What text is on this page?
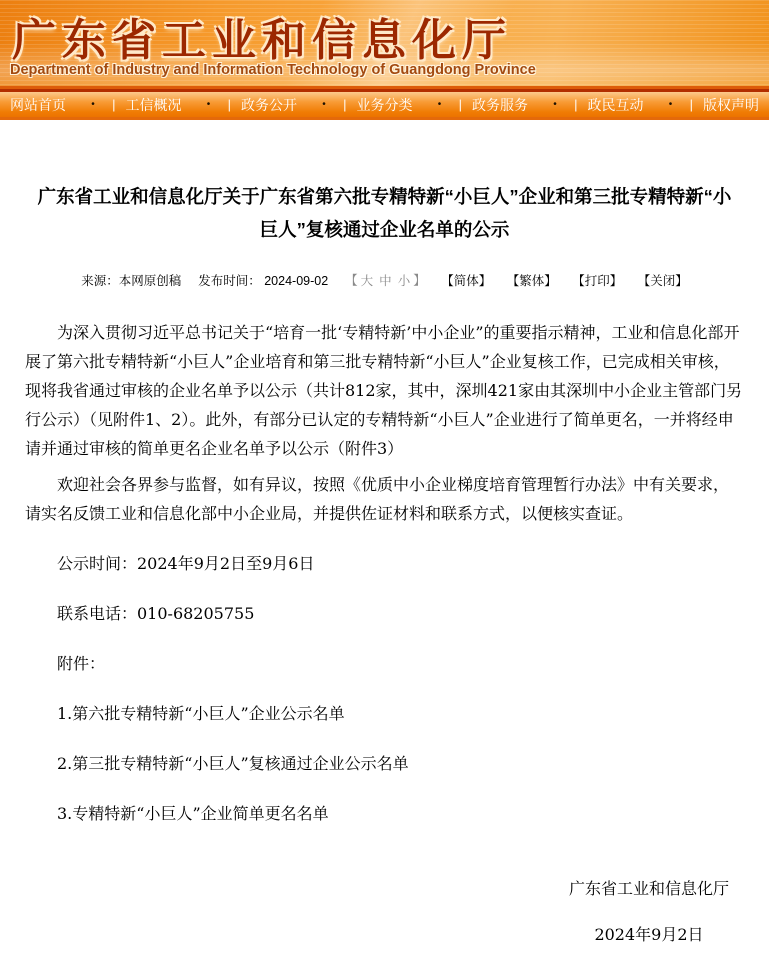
广东省工业和信息化厅
Department of Industry and Information Technology of Guangdong Province
网站首页	• | 工信概况	• | 政务公开	• | 业务分类	• | 政务服务	• | 政民互动	• | 版权声明
广东省工业和信息化厅关于广东省第六批专精特新“小巨人”企业和第三批专精特新“小巨人”复核通过企业名单的公示
来源：本网原创稿 发布时间： 2024-09-02 【 大 中 小 】 【简体】 【繁体】 【打印】 【关闭】

为深入贯彻习近平总书记关于“培育一批‘专精特新’中小企业”的重要指示精神，工业和信息化部开展了第六批专精特新“小巨人”企业培育和第三批专精特新“小巨人”企业复核工作，已完成相关审核，现将我省通过审核的企业名单予以公示（共计812家，其中，深圳421家由其深圳中小企业主管部门另行公示）（见附件1、2）。此外，有部分已认定的专精特新“小巨人”企业进行了简单更名，一并将经申请并通过审核的简单更名企业名单予以公示（附件3）

欢迎社会各界参与监督，如有异议，按照《优质中小企业梯度培育管理暂行办法》中有关要求，请实名反馈工业和信息化部中小企业局，并提供佐证材料和联系方式，以便核实查证。

公示时间：2024年9月2日至9月6日

联系电话：010-68205755

附件：

1.第六批专精特新“小巨人”企业公示名单

2.第三批专精特新“小巨人”复核通过企业公示名单

3.专精特新“小巨人”企业简单更名名单

广东省工业和信息化厅
2024年9月2日
